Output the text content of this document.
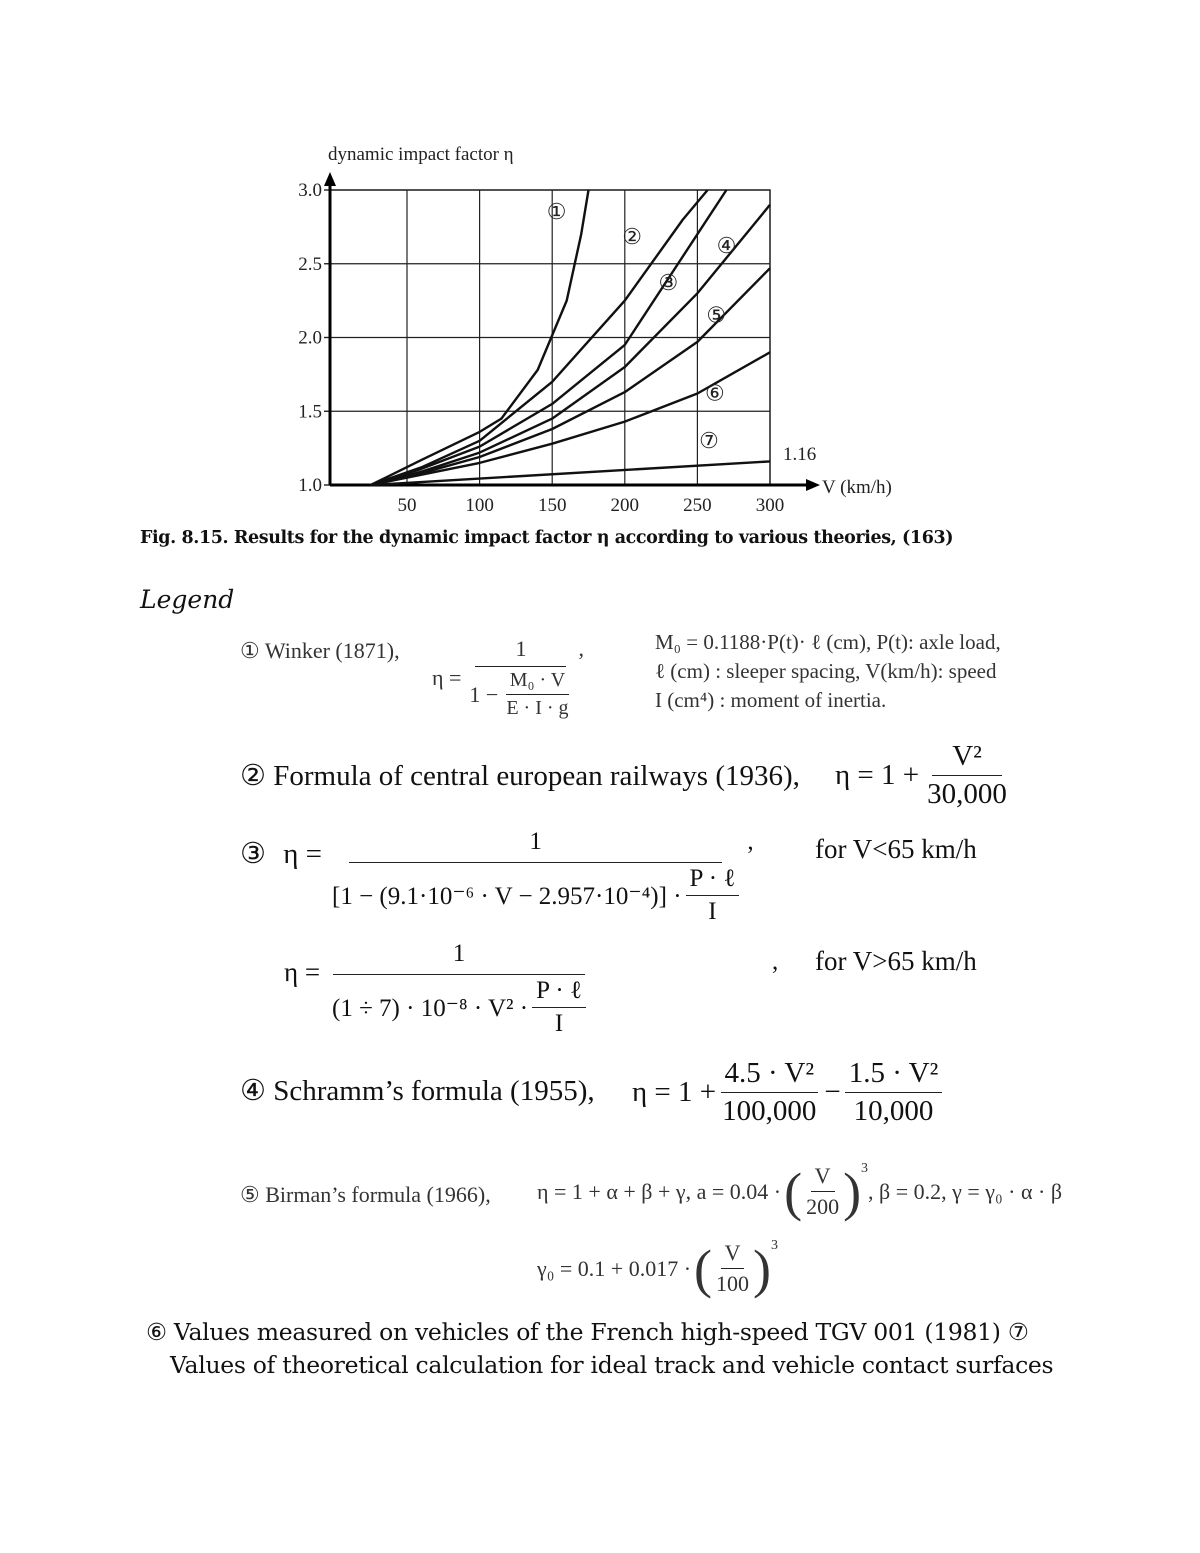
50	100 150 200 250 300
1.0
1.5
2.0
2.5
3.0
①
②
③
④
⑤
⑥
⑦
dynamic impact factor η
V (km/h)
1.16
Fig. 8.15. Results for the dynamic impact factor η according to various theories, (163)
Legend
① Winker (1871),
$\eta = \frac{1}{1 - \frac{\text{M₀ · V}}{E \cdot I \cdot g}}$ ,	M₀ = 0.1188·P(t)· ℓ (cm), P(t): axle load,
ℓ (cm) : sleeper spacing, V(km/h): speed
I (cm⁴) : moment of inertia.
② Formula of central european railways (1936), $\eta = 1 + \frac{\text{V²}}{30,000}$
③ η =	1
$[1 - (9.1\cdot 10^{-6} \cdot V - 2.957\cdot 10^{-4})] \cdot \frac{\text{P · ℓ}}{I}$
, for V<65 km/h
$\eta = \frac{1}{(1 \div 7) \cdot 10^{-8} \cdot V^2 \cdot \frac{\text{P · ℓ}}{I}}$	, for V>65 km/h
④ Schramm’s formula (1955), $\eta = 1 + \frac{\text{4.5 · V²}}{100,000} - \frac{\text{1.5 · V²}}{10,000}$
⑤ Birman’s formula (1966), η = 1 + α + β + γ, a = 0.04 · ( $\frac{V}{200}$ ) 3
, β = 0.2, γ = γ₀ · α · β
γ₀ = 0.1 + 0.017 · ( $\frac{V}{100}$ ) 3
⑥ Values measured on vehicles of the French high-speed TGV 001 (1981) ⑦
Values of theoretical calculation for ideal track and vehicle contact surfaces
